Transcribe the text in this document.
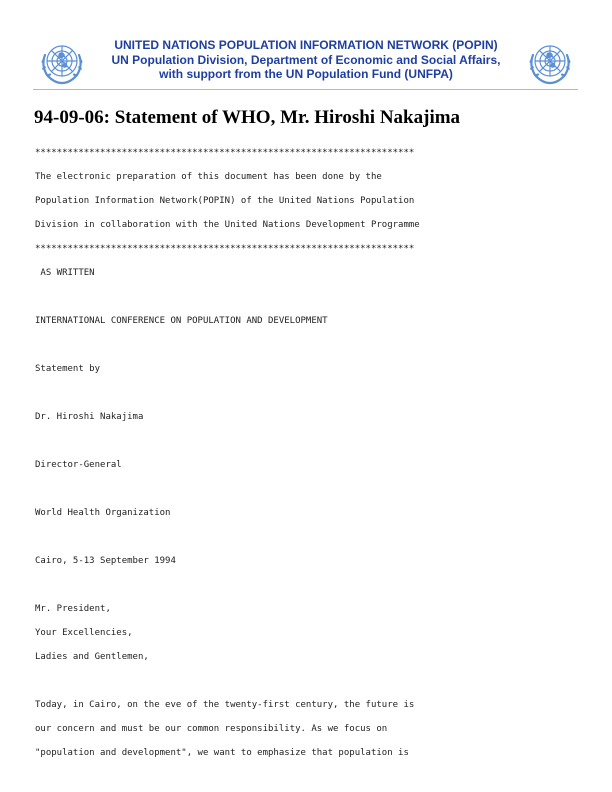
UNITED NATIONS POPULATION INFORMATION NETWORK (POPIN)
UN Population Division, Department of Economic and Social Affairs,
with support from the UN Population Fund (UNFPA)
94-09-06: Statement of WHO, Mr. Hiroshi Nakajima
**********************************************************************
The electronic preparation of this document has been done by the
Population Information Network(POPIN) of the United Nations Population
Division in collaboration with the United Nations Development Programme
**********************************************************************
AS WRITTEN
INTERNATIONAL CONFERENCE ON POPULATION AND DEVELOPMENT
Statement by
Dr. Hiroshi Nakajima
Director-General
World Health Organization
Cairo, 5-13 September 1994
Mr. President,
Your Excellencies,
Ladies and Gentlemen,
Today, in Cairo, on the eve of the twenty-first century, the future is
our concern and must be our common responsibility. As we focus on
"population and development", we want to emphasize that population is
